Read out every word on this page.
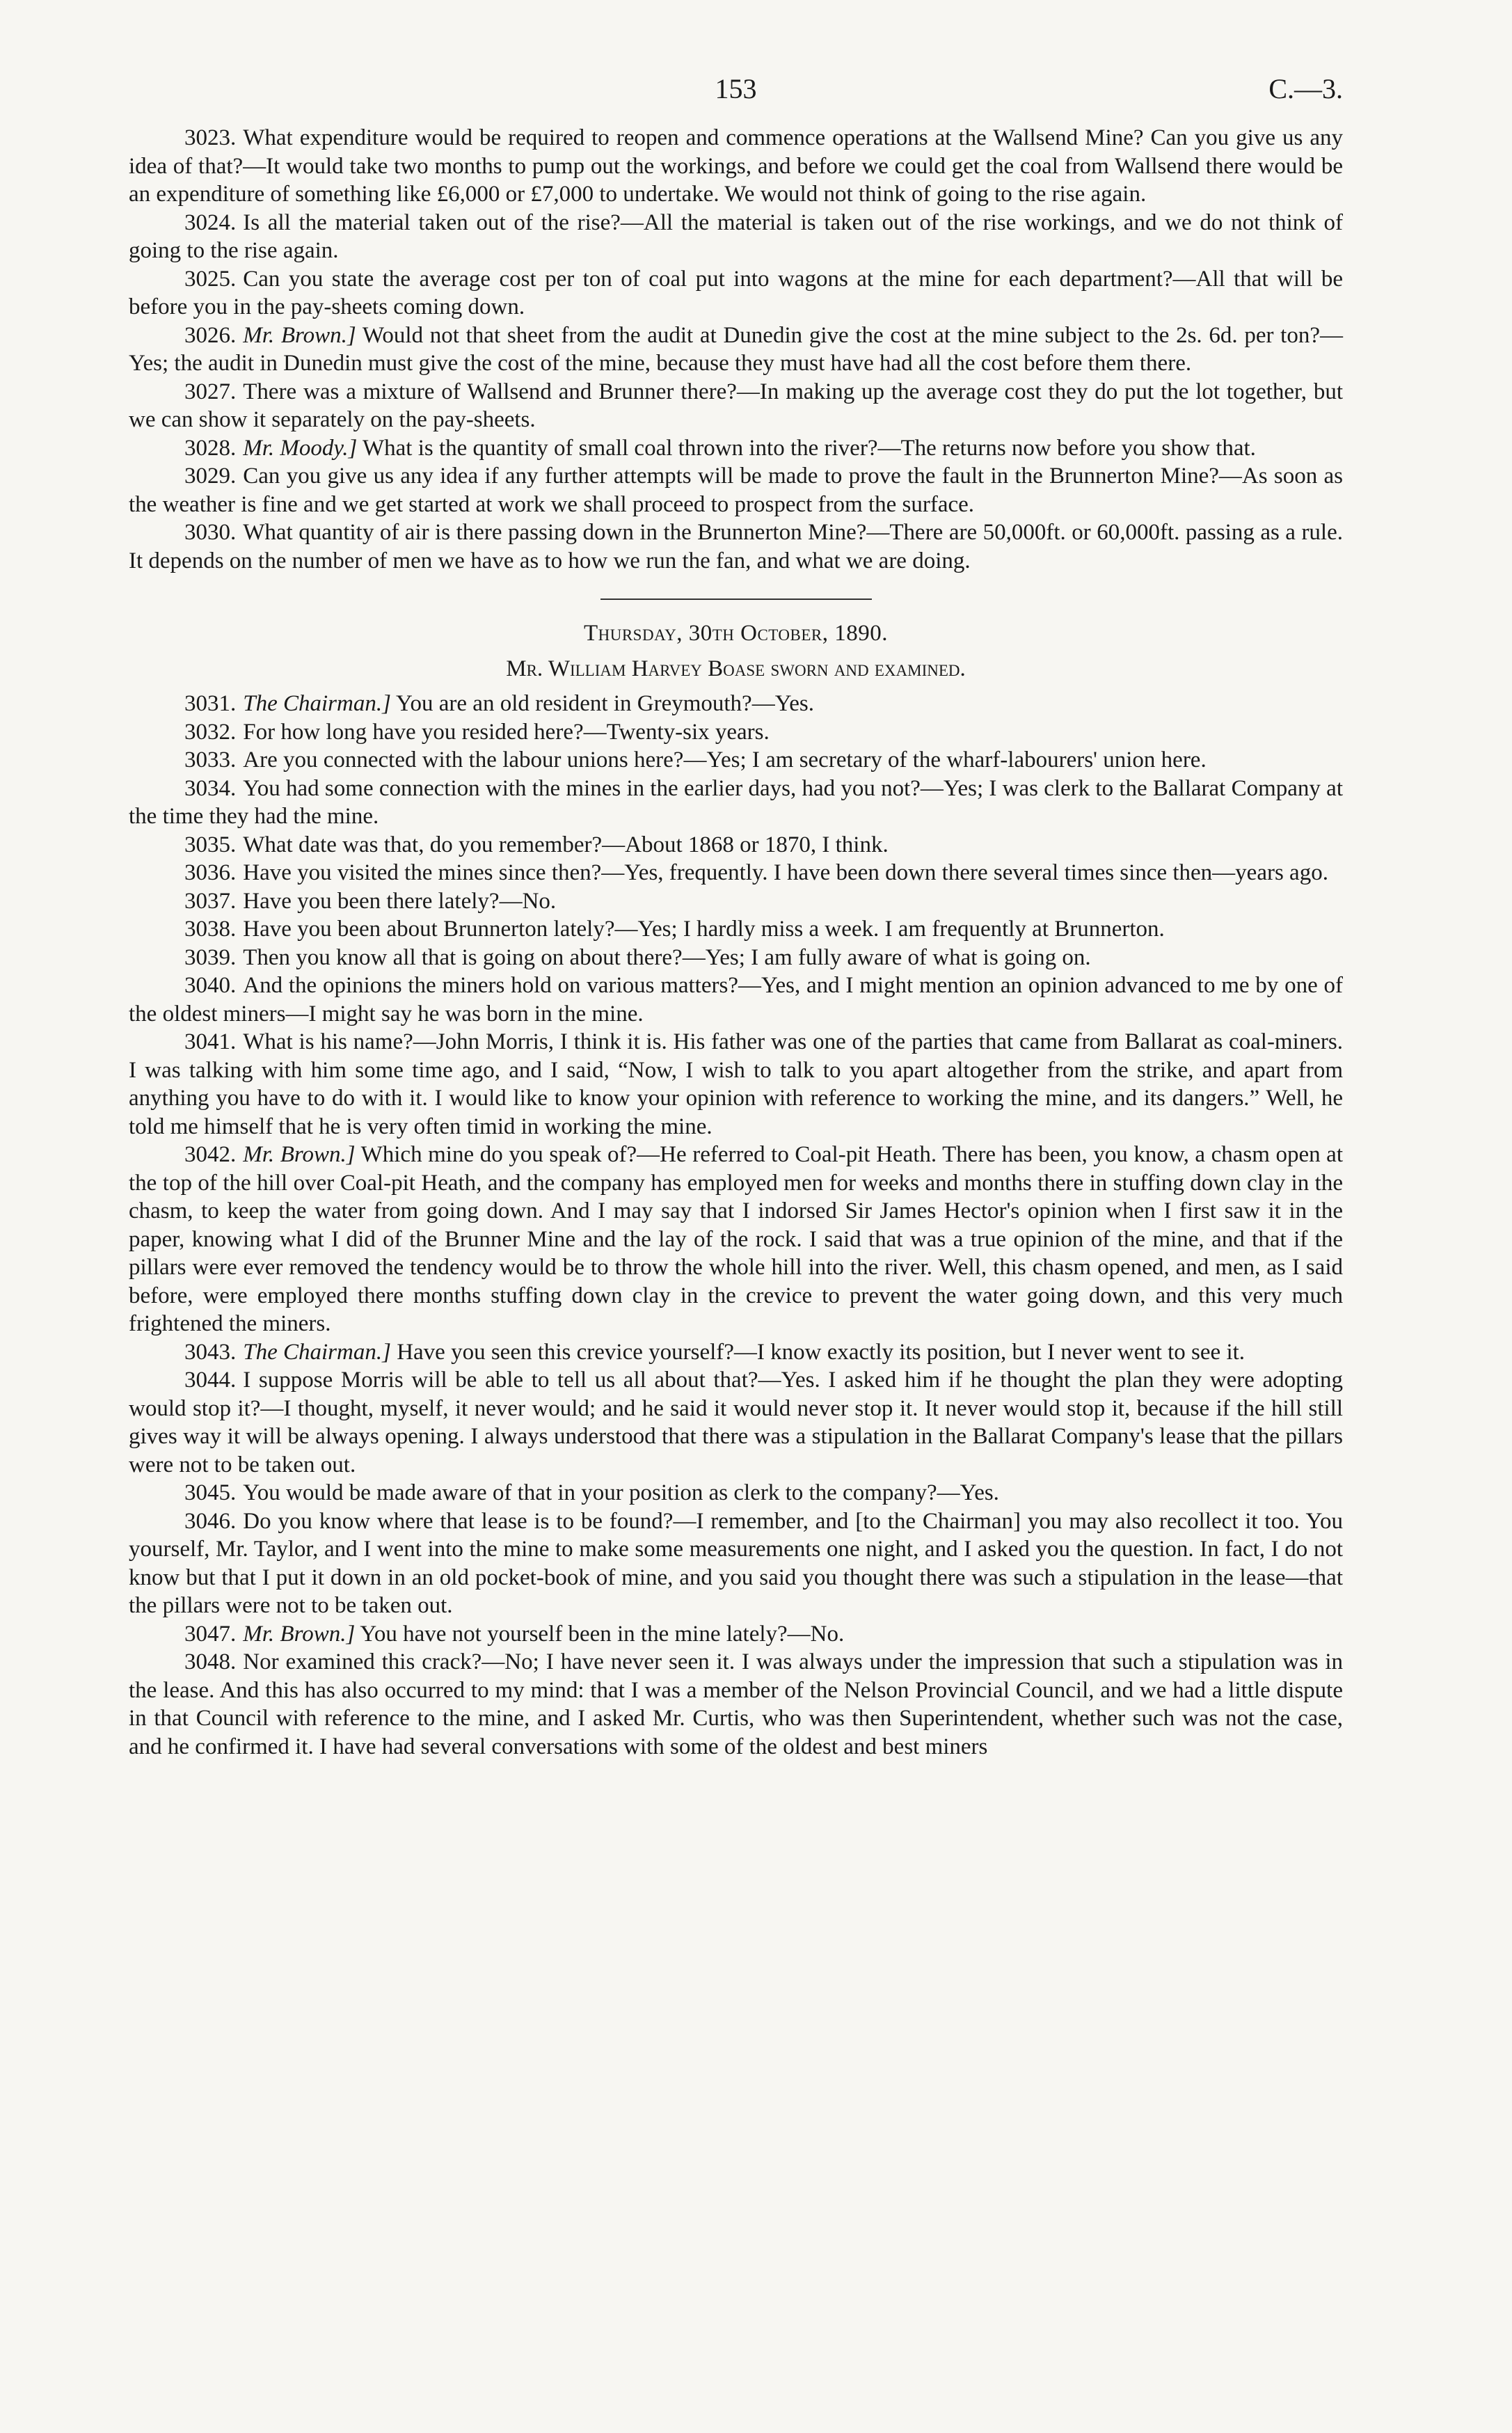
153	C.—3.

3023. What expenditure would be required to reopen and commence operations at the Wallsend Mine? Can you give us any idea of that?—It would take two months to pump out the workings, and before we could get the coal from Wallsend there would be an expenditure of something like £6,000 or £7,000 to undertake. We would not think of going to the rise again.

3024. Is all the material taken out of the rise?—All the material is taken out of the rise workings, and we do not think of going to the rise again.

3025. Can you state the average cost per ton of coal put into wagons at the mine for each department?—All that will be before you in the pay-sheets coming down.

3026. Mr. Brown.] Would not that sheet from the audit at Dunedin give the cost at the mine subject to the 2s. 6d. per ton?—Yes; the audit in Dunedin must give the cost of the mine, because they must have had all the cost before them there.

3027. There was a mixture of Wallsend and Brunner there?—In making up the average cost they do put the lot together, but we can show it separately on the pay-sheets.

3028. Mr. Moody.] What is the quantity of small coal thrown into the river?—The returns now before you show that.

3029. Can you give us any idea if any further attempts will be made to prove the fault in the Brunnerton Mine?—As soon as the weather is fine and we get started at work we shall proceed to prospect from the surface.

3030. What quantity of air is there passing down in the Brunnerton Mine?—There are 50,000ft. or 60,000ft. passing as a rule. It depends on the number of men we have as to how we run the fan, and what we are doing.

Thursday, 30th October, 1890.
Mr. William Harvey Boase sworn and examined.

3031. The Chairman.] You are an old resident in Greymouth?—Yes.

3032. For how long have you resided here?—Twenty-six years.

3033. Are you connected with the labour unions here?—Yes; I am secretary of the wharf-labourers' union here.

3034. You had some connection with the mines in the earlier days, had you not?—Yes; I was clerk to the Ballarat Company at the time they had the mine.

3035. What date was that, do you remember?—About 1868 or 1870, I think.

3036. Have you visited the mines since then?—Yes, frequently. I have been down there several times since then—years ago.

3037. Have you been there lately?—No.

3038. Have you been about Brunnerton lately?—Yes; I hardly miss a week. I am frequently at Brunnerton.

3039. Then you know all that is going on about there?—Yes; I am fully aware of what is going on.

3040. And the opinions the miners hold on various matters?—Yes, and I might mention an opinion advanced to me by one of the oldest miners—I might say he was born in the mine.

3041. What is his name?—John Morris, I think it is. His father was one of the parties that came from Ballarat as coal-miners. I was talking with him some time ago, and I said, “Now, I wish to talk to you apart altogether from the strike, and apart from anything you have to do with it. I would like to know your opinion with reference to working the mine, and its dangers.” Well, he told me himself that he is very often timid in working the mine.

3042. Mr. Brown.] Which mine do you speak of?—He referred to Coal-pit Heath. There has been, you know, a chasm open at the top of the hill over Coal-pit Heath, and the company has employed men for weeks and months there in stuffing down clay in the chasm, to keep the water from going down. And I may say that I indorsed Sir James Hector's opinion when I first saw it in the paper, knowing what I did of the Brunner Mine and the lay of the rock. I said that was a true opinion of the mine, and that if the pillars were ever removed the tendency would be to throw the whole hill into the river. Well, this chasm opened, and men, as I said before, were employed there months stuffing down clay in the crevice to prevent the water going down, and this very much frightened the miners.

3043. The Chairman.] Have you seen this crevice yourself?—I know exactly its position, but I never went to see it.

3044. I suppose Morris will be able to tell us all about that?—Yes. I asked him if he thought the plan they were adopting would stop it?—I thought, myself, it never would; and he said it would never stop it. It never would stop it, because if the hill still gives way it will be always opening. I always understood that there was a stipulation in the Ballarat Company's lease that the pillars were not to be taken out.

3045. You would be made aware of that in your position as clerk to the company?—Yes.

3046. Do you know where that lease is to be found?—I remember, and [to the Chairman] you may also recollect it too. You yourself, Mr. Taylor, and I went into the mine to make some measurements one night, and I asked you the question. In fact, I do not know but that I put it down in an old pocket-book of mine, and you said you thought there was such a stipulation in the lease—that the pillars were not to be taken out.

3047. Mr. Brown.] You have not yourself been in the mine lately?—No.

3048. Nor examined this crack?—No; I have never seen it. I was always under the impression that such a stipulation was in the lease. And this has also occurred to my mind: that I was a member of the Nelson Provincial Council, and we had a little dispute in that Council with reference to the mine, and I asked Mr. Curtis, who was then Superintendent, whether such was not the case, and he confirmed it. I have had several conversations with some of the oldest and best miners
